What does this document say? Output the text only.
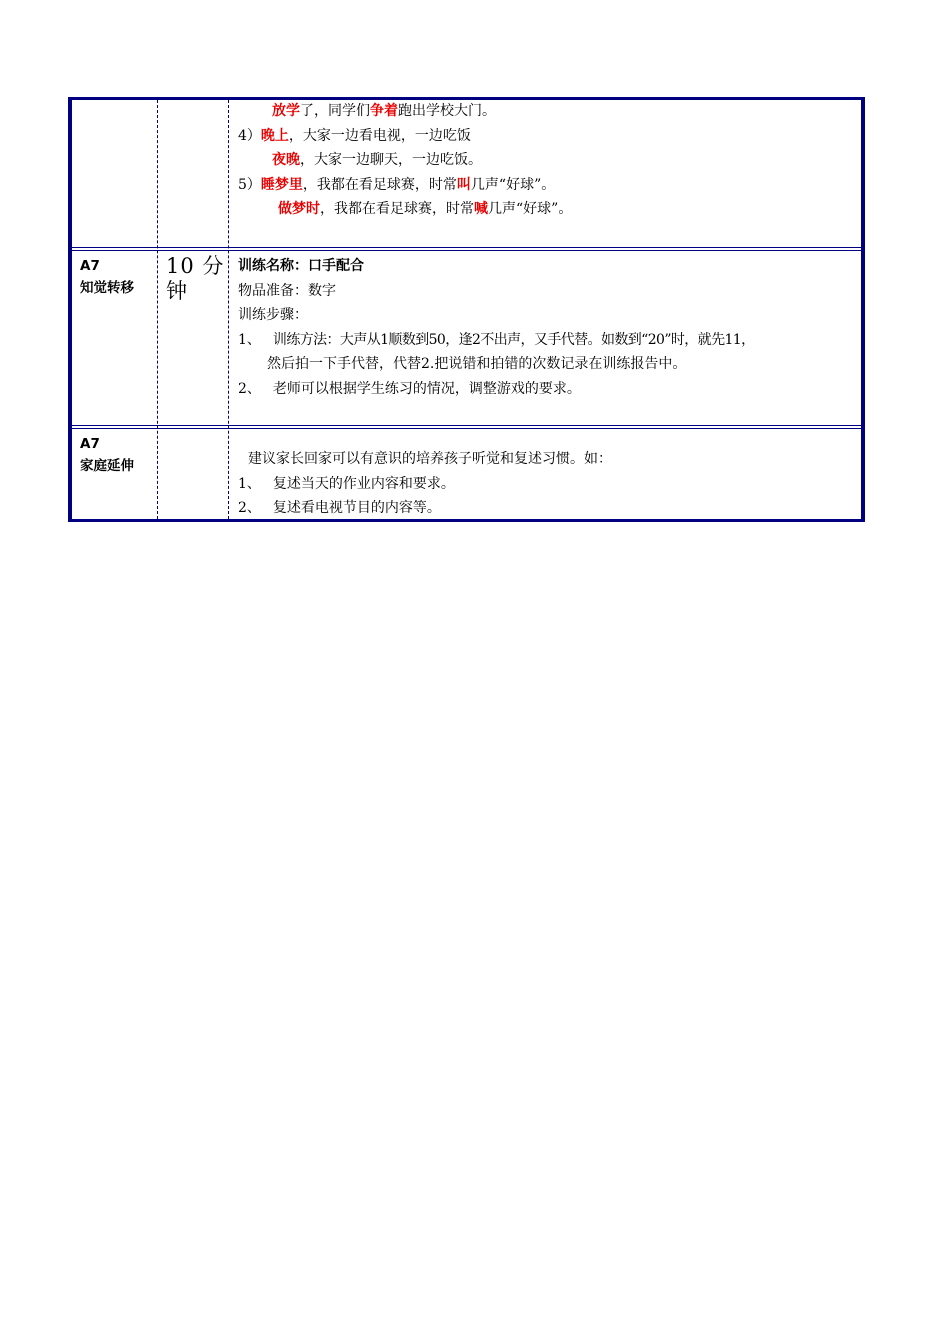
放学了，同学们争着跑出学校大门。
4）晚上，大家一边看电视，一边吃饭
夜晚，大家一边聊天，一边吃饭。
5）睡梦里，我都在看足球赛，时常叫几声“好球”。
做梦时，我都在看足球赛，时常喊几声“好球”。
A7
知觉转移
10 分
钟
训练名称：口手配合
物品准备：数字
训练步骤：
1、 训练方法：大声从1顺数到50，逢2不出声，又手代替。如数到“20”时，就先11，
然后拍一下手代替，代替2.把说错和拍错的次数记录在训练报告中。
2、 老师可以根据学生练习的情况，调整游戏的要求。
A7
家庭延伸	建议家长回家可以有意识的培养孩子听觉和复述习惯。如：
1、 复述当天的作业内容和要求。
2、 复述看电视节目的内容等。
